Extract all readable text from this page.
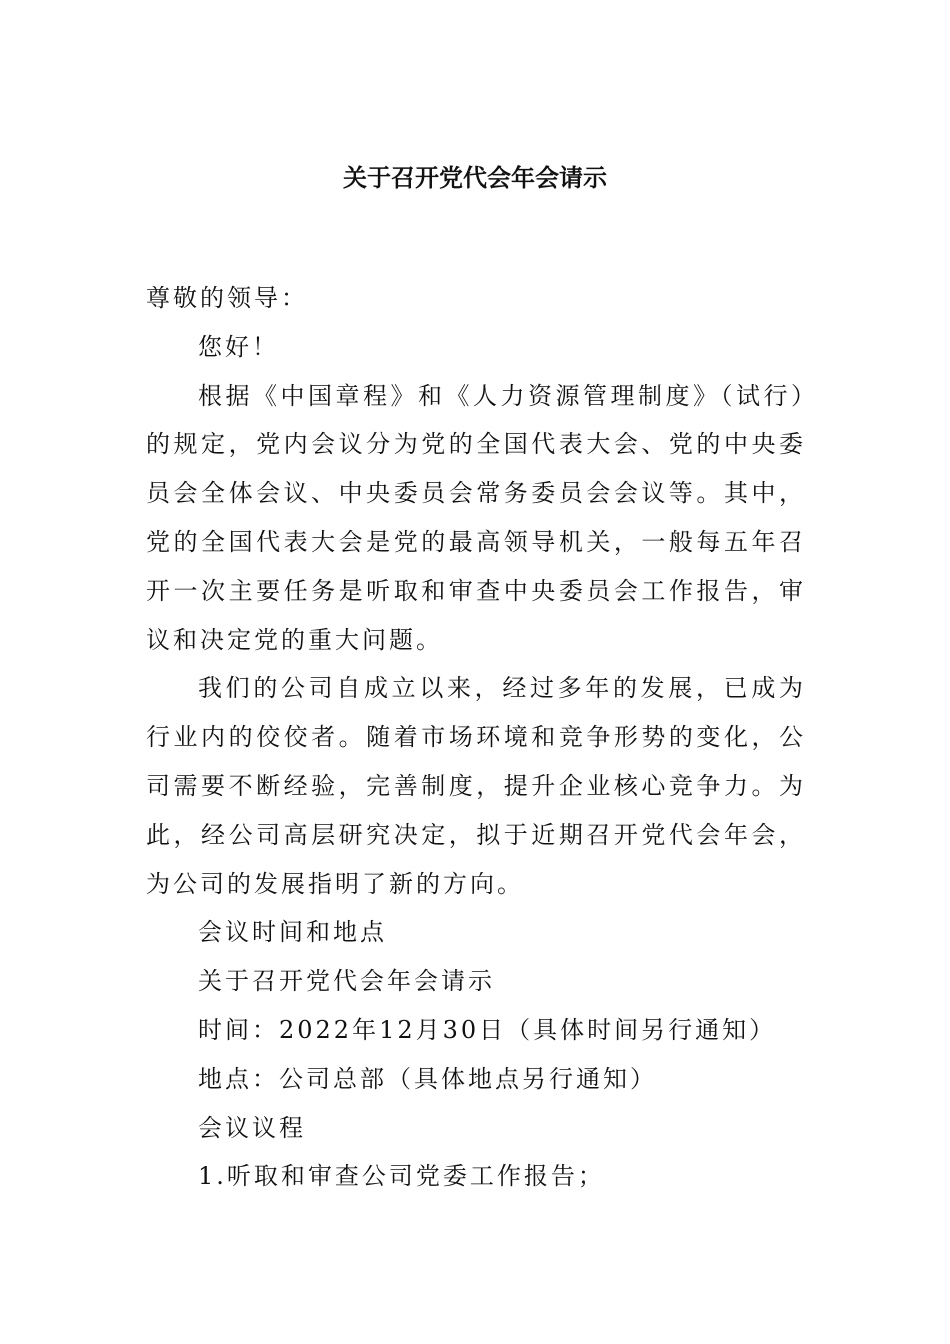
关于召开党代会年会请示

尊敬的领导：

您好！

根据《中国章程》和《人力资源管理制度》（试行）的规定，党内会议分为党的全国代表大会、党的中央委员会全体会议、中央委员会常务委员会会议等。其中，党的全国代表大会是党的最高领导机关，一般每五年召开一次主要任务是听取和审查中央委员会工作报告，审议和决定党的重大问题。

我们的公司自成立以来，经过多年的发展，已成为行业内的佼佼者。随着市场环境和竞争形势的变化，公司需要不断经验，完善制度，提升企业核心竞争力。为此，经公司高层研究决定，拟于近期召开党代会年会，为公司的发展指明了新的方向。

会议时间和地点

关于召开党代会年会请示

时间：2022年12月30日（具体时间另行通知）

地点：公司总部（具体地点另行通知）

会议议程

1.听取和审查公司党委工作报告；
